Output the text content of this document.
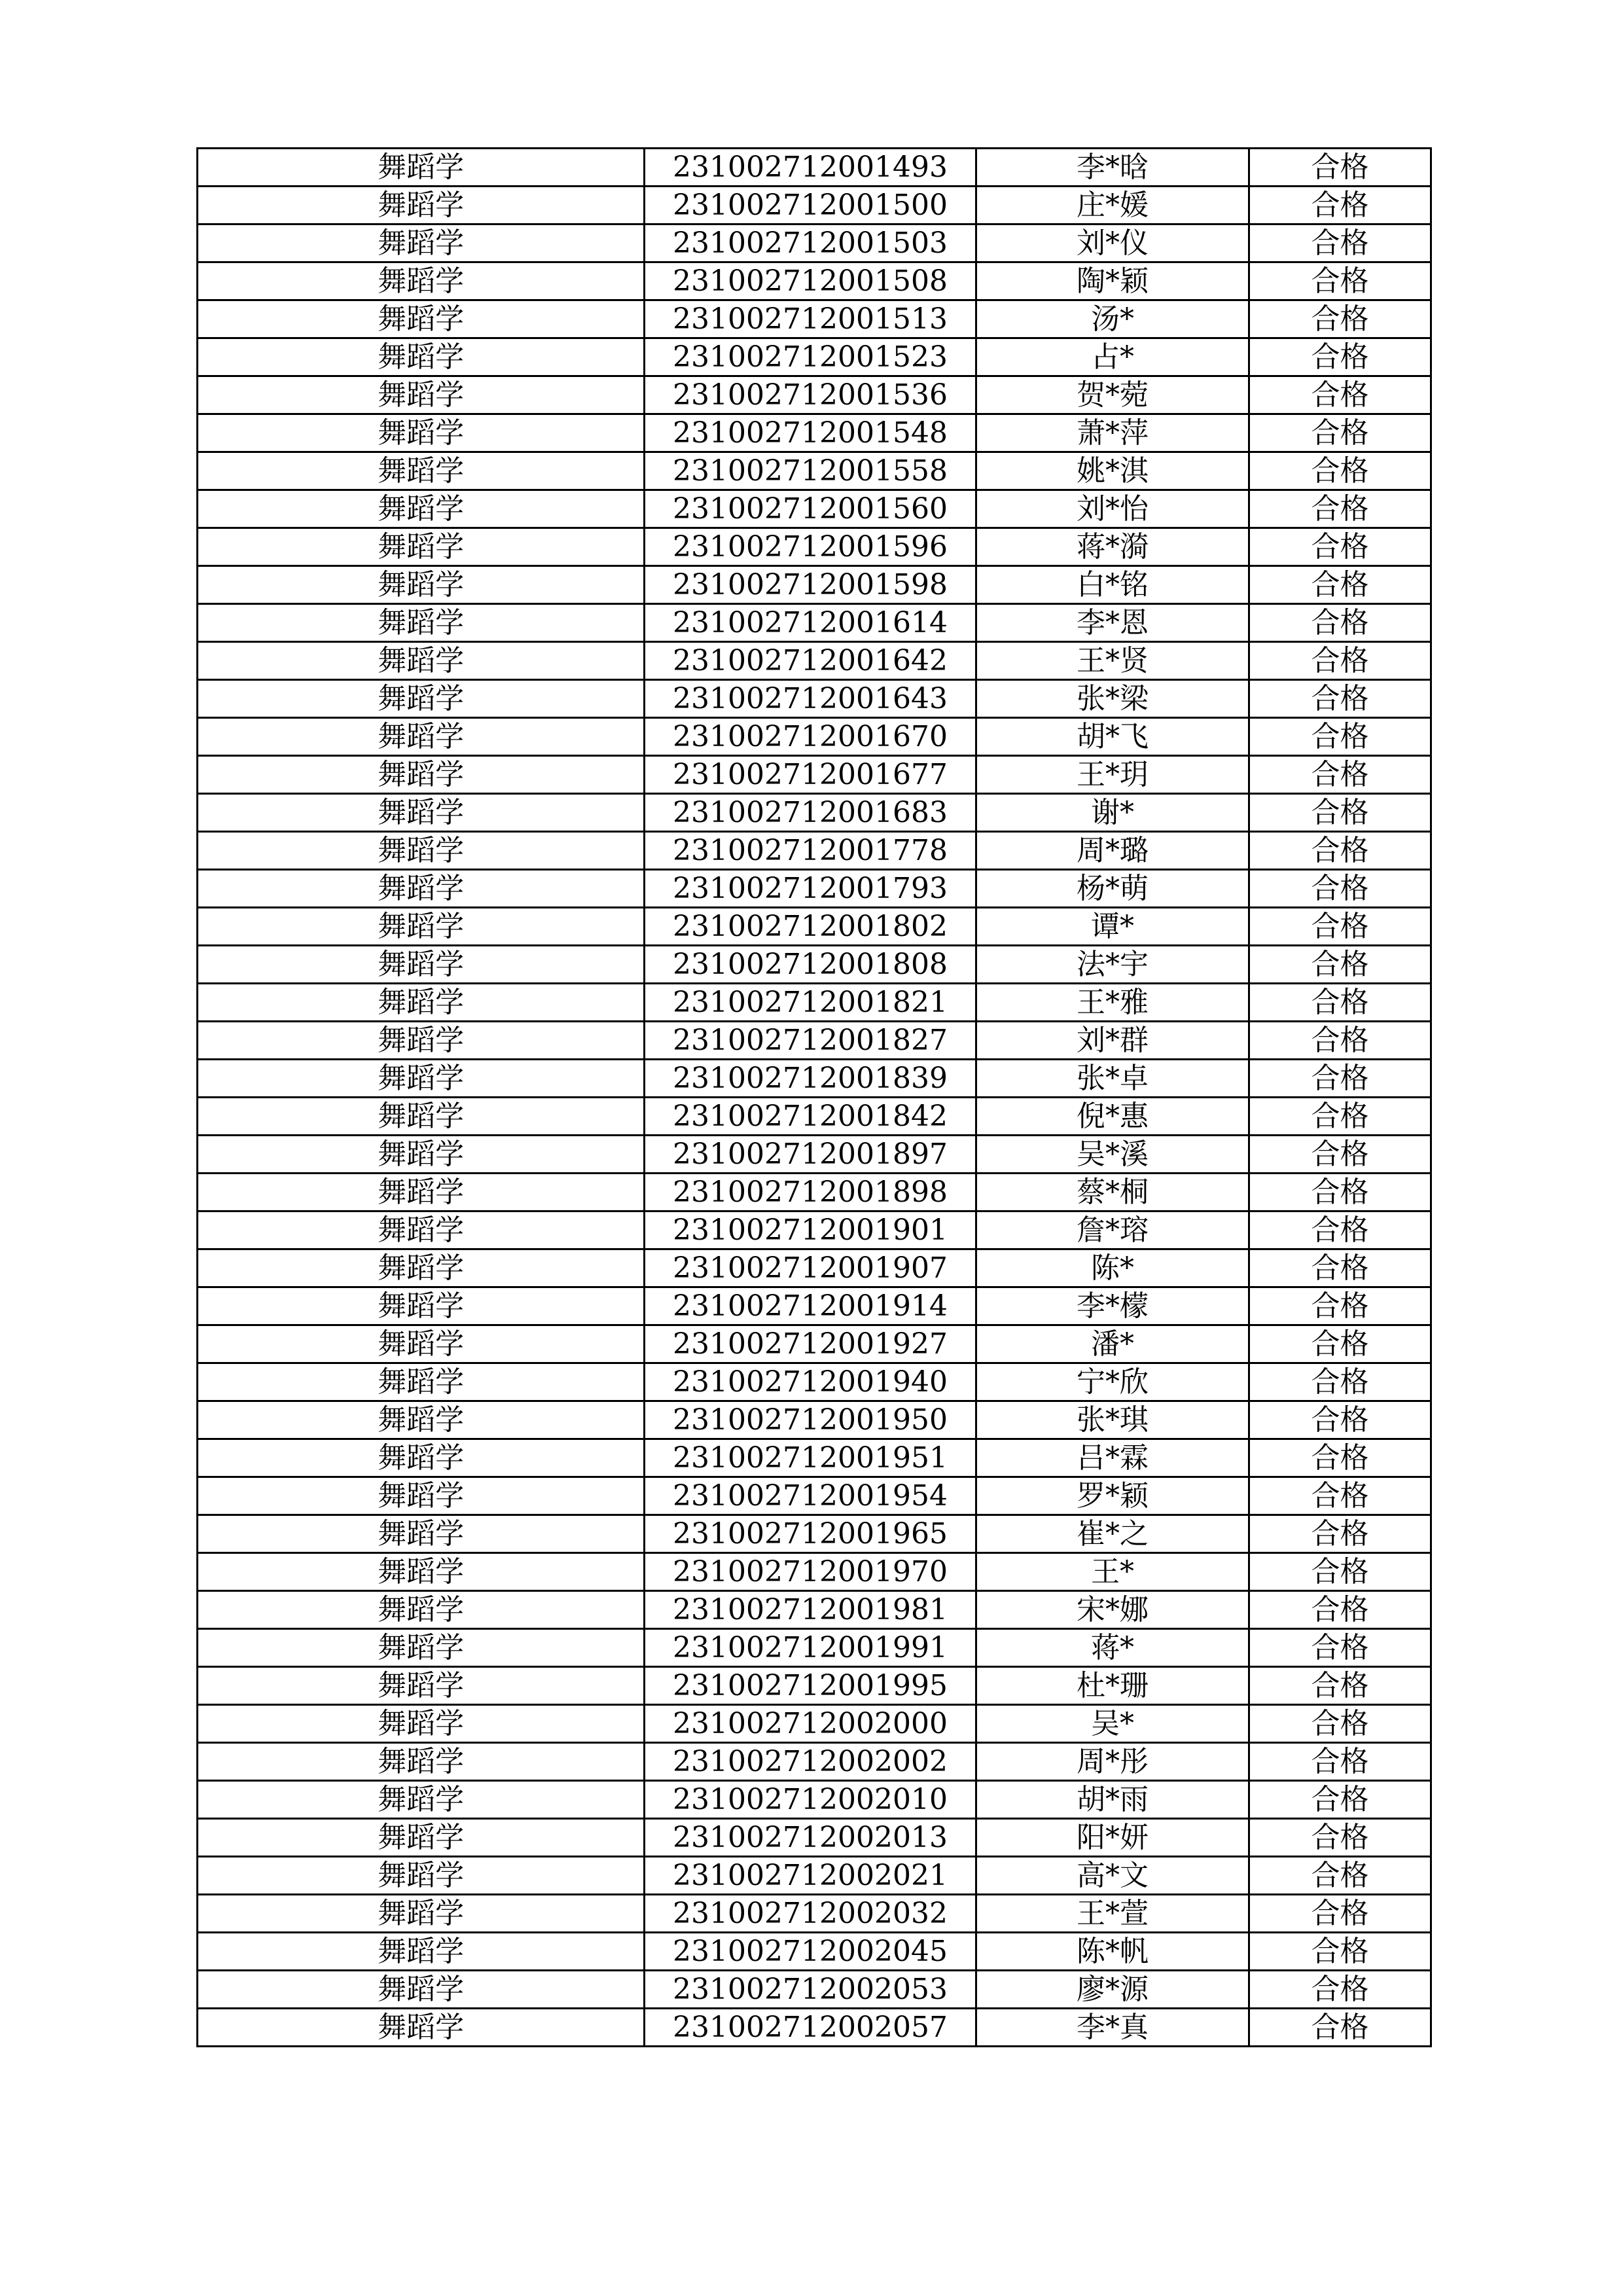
舞蹈学	231002712001493	李*晗	合格
舞蹈学	231002712001500	庄*媛	合格
舞蹈学	231002712001503	刘*仪	合格
舞蹈学	231002712001508	陶*颖	合格
舞蹈学	231002712001513	汤*	合格
舞蹈学	231002712001523	占*	合格
舞蹈学	231002712001536	贺*菀	合格
舞蹈学	231002712001548	萧*萍	合格
舞蹈学	231002712001558	姚*淇	合格
舞蹈学	231002712001560	刘*怡	合格
舞蹈学	231002712001596	蒋*漪	合格
舞蹈学	231002712001598	白*铭	合格
舞蹈学	231002712001614	李*恩	合格
舞蹈学	231002712001642	王*贤	合格
舞蹈学	231002712001643	张*梁	合格
舞蹈学	231002712001670	胡*飞	合格
舞蹈学	231002712001677	王*玥	合格
舞蹈学	231002712001683	谢*	合格
舞蹈学	231002712001778	周*璐	合格
舞蹈学	231002712001793	杨*萌	合格
舞蹈学	231002712001802	谭*	合格
舞蹈学	231002712001808	法*宇	合格
舞蹈学	231002712001821	王*雅	合格
舞蹈学	231002712001827	刘*群	合格
舞蹈学	231002712001839	张*卓	合格
舞蹈学	231002712001842	倪*惠	合格
舞蹈学	231002712001897	吴*溪	合格
舞蹈学	231002712001898	蔡*桐	合格
舞蹈学	231002712001901	詹*瑢	合格
舞蹈学	231002712001907	陈*	合格
舞蹈学	231002712001914	李*檬	合格
舞蹈学	231002712001927	潘*	合格
舞蹈学	231002712001940	宁*欣	合格
舞蹈学	231002712001950	张*琪	合格
舞蹈学	231002712001951	吕*霖	合格
舞蹈学	231002712001954	罗*颖	合格
舞蹈学	231002712001965	崔*之	合格
舞蹈学	231002712001970	王*	合格
舞蹈学	231002712001981	宋*娜	合格
舞蹈学	231002712001991	蒋*	合格
舞蹈学	231002712001995	杜*珊	合格
舞蹈学	231002712002000	吴*	合格
舞蹈学	231002712002002	周*彤	合格
舞蹈学	231002712002010	胡*雨	合格
舞蹈学	231002712002013	阳*妍	合格
舞蹈学	231002712002021	高*文	合格
舞蹈学	231002712002032	王*萱	合格
舞蹈学	231002712002045	陈*帆	合格
舞蹈学	231002712002053	廖*源	合格
舞蹈学	231002712002057	李*真	合格
